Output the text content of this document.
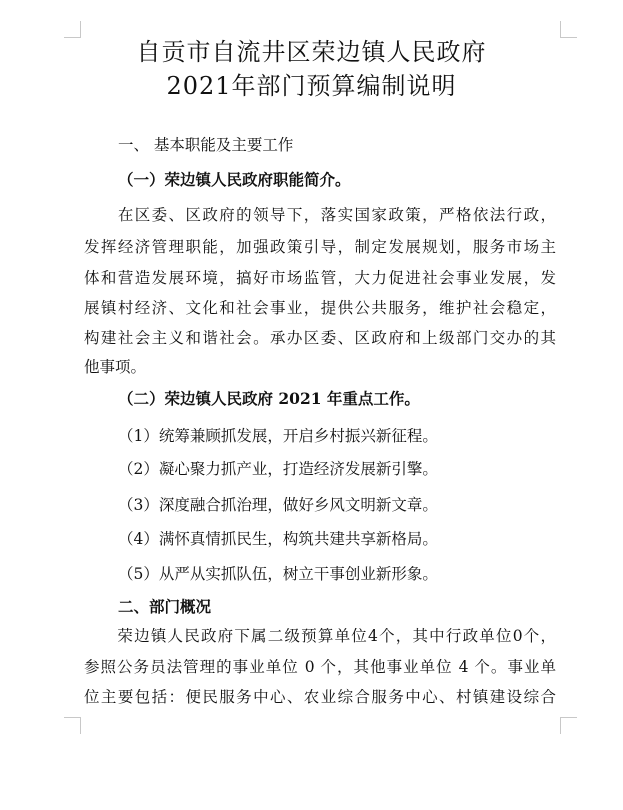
自贡市自流井区荣边镇人民政府
2021年部门预算编制说明
一、 基本职能及主要工作
（一）荣边镇人民政府职能简介。
　　在区委、区政府的领导下，落实国家政策，严格依法行政，
发挥经济管理职能，加强政策引导，制定发展规划，服务市场主
体和营造发展环境，搞好市场监管，大力促进社会事业发展，发
展镇村经济、文化和社会事业，提供公共服务，维护社会稳定，
构建社会主义和谐社会。承办区委、区政府和上级部门交办的其
他事项。
（二）荣边镇人民政府 2021 年重点工作。
（1）统筹兼顾抓发展，开启乡村振兴新征程。
（2）凝心聚力抓产业，打造经济发展新引擎。
（3）深度融合抓治理，做好乡风文明新文章。
（4）满怀真情抓民生，构筑共建共享新格局。
（5）从严从实抓队伍，树立干事创业新形象。
二、部门概况
　　荣边镇人民政府下属二级预算单位4个，其中行政单位0个，
参照公务员法管理的事业单位 0 个，其他事业单位 4 个。事业单
位主要包括：便民服务中心、农业综合服务中心、村镇建设综合
